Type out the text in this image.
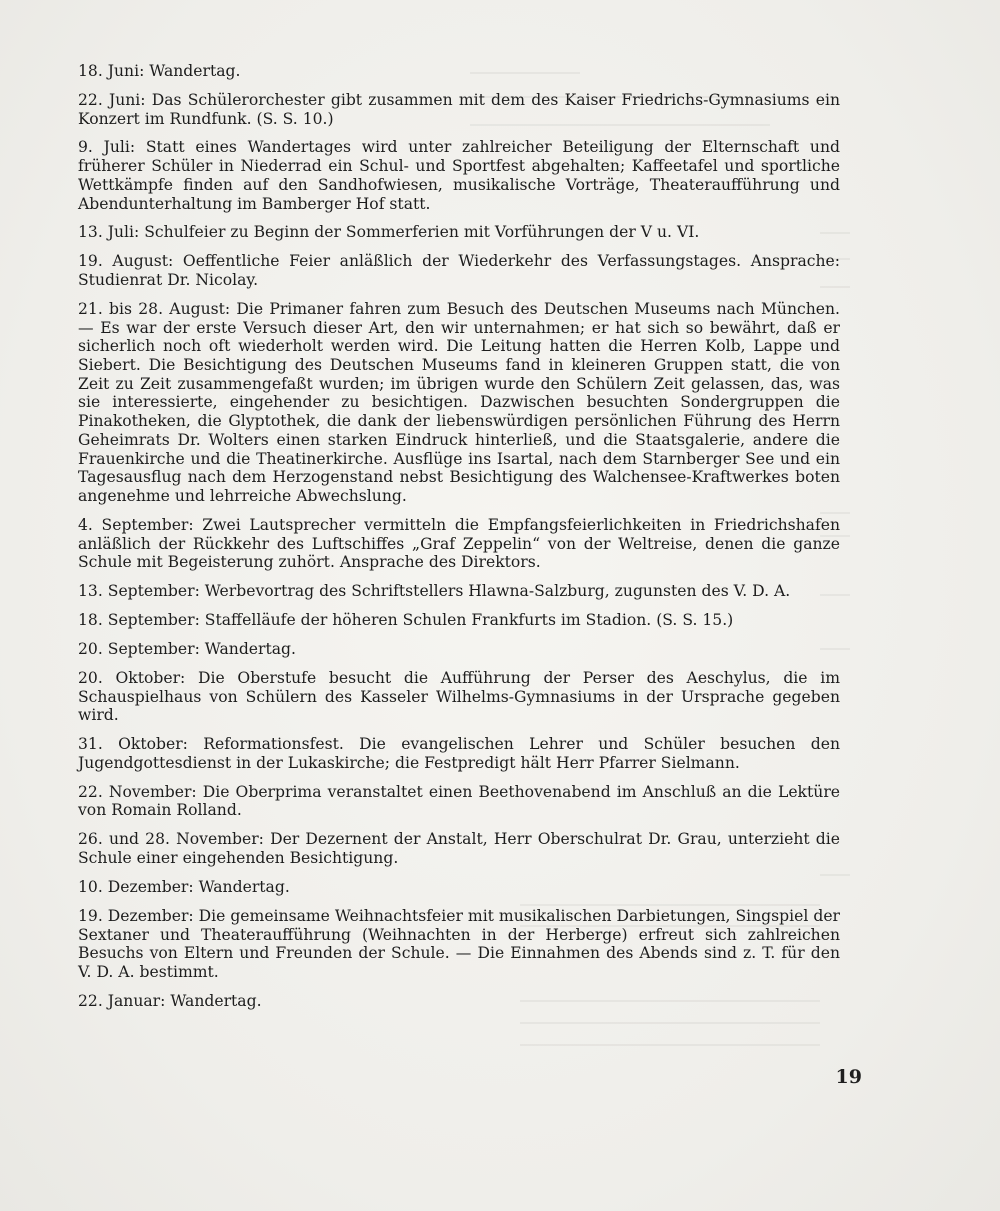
18. Juni: Wandertag.

22. Juni: Das Schülerorchester gibt zusammen mit dem des Kaiser Friedrichs-Gymnasiums ein Konzert im Rundfunk. (S. S. 10.)

9. Juli: Statt eines Wandertages wird unter zahlreicher Beteiligung der Elternschaft und früherer Schüler in Niederrad ein Schul- und Sportfest abgehalten; Kaffeetafel und sportliche Wettkämpfe finden auf den Sandhofwiesen, musikalische Vorträge, Theateraufführung und Abendunterhaltung im Bamberger Hof statt.

13. Juli: Schulfeier zu Beginn der Sommerferien mit Vorführungen der V u. VI.

19. August: Oeffentliche Feier anläßlich der Wiederkehr des Verfassungstages. Ansprache: Studienrat Dr. Nicolay.

21. bis 28. August: Die Primaner fahren zum Besuch des Deutschen Museums nach München. — Es war der erste Versuch dieser Art, den wir unternahmen; er hat sich so bewährt, daß er sicherlich noch oft wiederholt werden wird. Die Leitung hatten die Herren Kolb, Lappe und Siebert. Die Besichtigung des Deutschen Museums fand in kleineren Gruppen statt, die von Zeit zu Zeit zusammengefaßt wurden; im übrigen wurde den Schülern Zeit gelassen, das, was sie interessierte, eingehender zu besichtigen. Dazwischen besuchten Sondergruppen die Pinakotheken, die Glyptothek, die dank der liebenswürdigen persönlichen Führung des Herrn Geheimrats Dr. Wolters einen starken Eindruck hinterließ, und die Staatsgalerie, andere die Frauenkirche und die Theatinerkirche. Ausflüge ins Isartal, nach dem Starnberger See und ein Tagesausflug nach dem Herzogenstand nebst Besichtigung des Walchensee-Kraftwerkes boten angenehme und lehrreiche Abwechslung.

4. September: Zwei Lautsprecher vermitteln die Empfangsfeierlichkeiten in Friedrichshafen anläßlich der Rückkehr des Luftschiffes „Graf Zeppelin“ von der Weltreise, denen die ganze Schule mit Begeisterung zuhört. Ansprache des Direktors.

13. September: Werbevortrag des Schriftstellers Hlawna-Salzburg, zugunsten des V. D. A.

18. September: Staffelläufe der höheren Schulen Frankfurts im Stadion. (S. S. 15.)

20. September: Wandertag.

20. Oktober: Die Oberstufe besucht die Aufführung der Perser des Aeschylus, die im Schauspielhaus von Schülern des Kasseler Wilhelms-Gymnasiums in der Ursprache gegeben wird.

31. Oktober: Reformationsfest. Die evangelischen Lehrer und Schüler besuchen den Jugendgottesdienst in der Lukaskirche; die Festpredigt hält Herr Pfarrer Sielmann.

22. November: Die Oberprima veranstaltet einen Beethovenabend im Anschluß an die Lektüre von Romain Rolland.

26. und 28. November: Der Dezernent der Anstalt, Herr Oberschulrat Dr. Grau, unterzieht die Schule einer eingehenden Besichtigung.

10. Dezember: Wandertag.

19. Dezember: Die gemeinsame Weihnachtsfeier mit musikalischen Darbietungen, Singspiel der Sextaner und Theateraufführung (Weihnachten in der Herberge) erfreut sich zahlreichen Besuchs von Eltern und Freunden der Schule. — Die Einnahmen des Abends sind z. T. für den V. D. A. bestimmt.

22. Januar: Wandertag.

19
